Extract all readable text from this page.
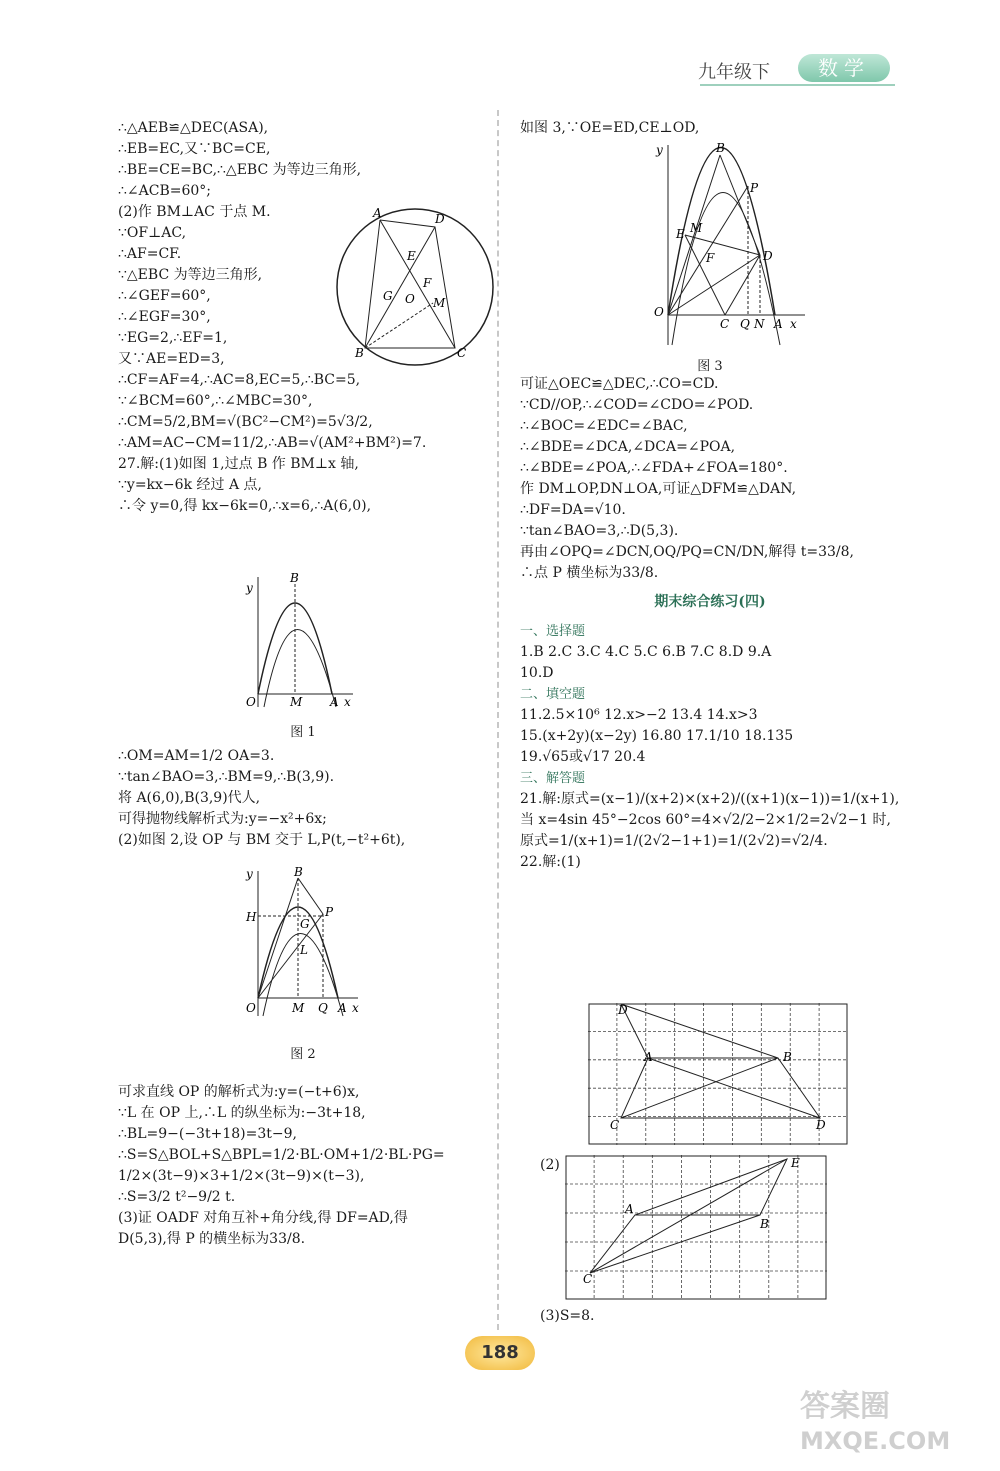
九年级下	数学

∴△AEB≌△DEC(ASA),

∴EB=EC,又∵BC=CE,

∴BE=CE=BC,∴△EBC 为等边三角形,

∴∠ACB=60°;

(2)作 BM⊥AC 于点 M.

∵OF⊥AC,

∴AF=CF.

∵△EBC 为等边三角形,

∴∠GEF=60°,

∴∠EGF=30°,

∵EG=2,∴EF=1,

又∵AE=ED=3,

∴CF=AF=4,∴AC=8,EC=5,∴BC=5,

∵∠BCM=60°,∴∠MBC=30°,

∴CM=5/2,BM=√(BC²−CM²)=5√3/2,

∴AM=AC−CM=11/2,∴AB=√(AM²+BM²)=7.

27.解:(1)如图 1,过点 B 作 BM⊥x 轴,

∵y=kx−6k 经过 A 点,

∴令 y=0,得 kx−6k=0,∴x=6,∴A(6,0),

A	D
B	C
E
F
G O M
B
y
O	M A x

图 1

∴OM=AM=1/2 OA=3.

∵tan∠BAO=3,∴BM=9,∴B(3,9).

将 A(6,0),B(3,9)代人,

可得抛物线解析式为:y=−x²+6x;

(2)如图 2,设 OP 与 BM 交于 L,P(t,−t²+6t),

B
y
H	G
P
L
O	M Q A x

图 2

可求直线 OP 的解析式为:y=(−t+6)x,

∵L 在 OP 上,∴L 的纵坐标为:−3t+18,

∴BL=9−(−3t+18)=3t−9,

∴S=S△BOL+S△BPL=1/2·BL·OM+1/2·BL·PG=

1/2×(3t−9)×3+1/2×(3t−9)×(t−3),

∴S=3/2 t²−9/2 t.

(3)证 OADF 对角互补+角分线,得 DF=AD,得

D(5,3),得 P 的横坐标为33/8.

如图 3,∵OE=ED,CE⊥OD,

B
y
P
M
E
F	D
O
C Q N A x

图 3

可证△OEC≌△DEC,∴CO=CD.

∵CD//OP,∴∠COD=∠CDO=∠POD.

∴∠BOC=∠EDC=∠BAC,

∴∠BDE=∠DCA,∠DCA=∠POA,

∴∠BDE=∠POA,∴∠FDA+∠FOA=180°.

作 DM⊥OP,DN⊥OA,可证△DFM≌△DAN,

∴DF=DA=√10.

∵tan∠BAO=3,∴D(5,3).

再由∠OPQ=∠DCN,OQ/PQ=CN/DN,解得 t=33/8,

∴点 P 横坐标为33/8.

期末综合练习(四)

一、选择题

1.B 2.C 3.C 4.C 5.C 6.B 7.C 8.D 9.A

10.D

二、填空题

11.2.5×10⁶ 12.x>−2 13.4 14.x>3

15.(x+2y)(x−2y) 16.80 17.1/10 18.135

19.√65或√17 20.4

三、解答题

21.解:原式=(x−1)/(x+2)×(x+2)/((x+1)(x−1))=1/(x+1),

当 x=4sin 45°−2cos 60°=4×√2/2−2×1/2=2√2−1 时,

原式=1/(x+1)=1/(2√2−1+1)=1/(2√2)=√2/4.

22.解:(1)

D
A	B
C	D

(2)

A
B
C
E

(3)S=8.

188
答案圈
MXQE.COM
